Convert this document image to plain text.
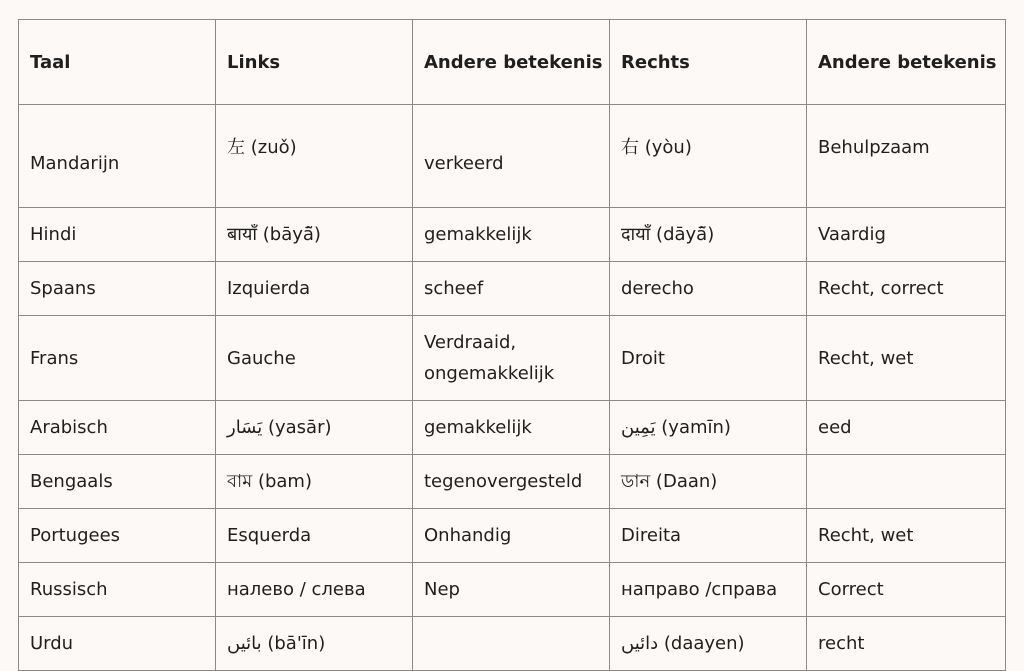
Taal	Links	Andere betekenis	Rechts	Andere betekenis
Mandarijn	左 (zuǒ)	verkeerd	右 (yòu)	Behulpzaam
Hindi	बायाँ (bāyā̃)	gemakkelijk	दायाँ (dāyā̃)	Vaardig
Spaans	Izquierda	scheef	derecho	Recht, correct
Frans	Gauche	Verdraaid, ongemakkelijk	Droit	Recht, wet
Arabisch	يَسَار (yasār)	gemakkelijk	يَمِين (yamīn)	eed
Bengaals	বাম (bam)	tegenovergesteld	ডান (Daan)	
Portugees	Esquerda	Onhandig	Direita	Recht, wet
Russisch	налево / слева	Nep	направо /справа	Correct
Urdu	بائیں (bā'īn)		دائیں (daayen)	recht
